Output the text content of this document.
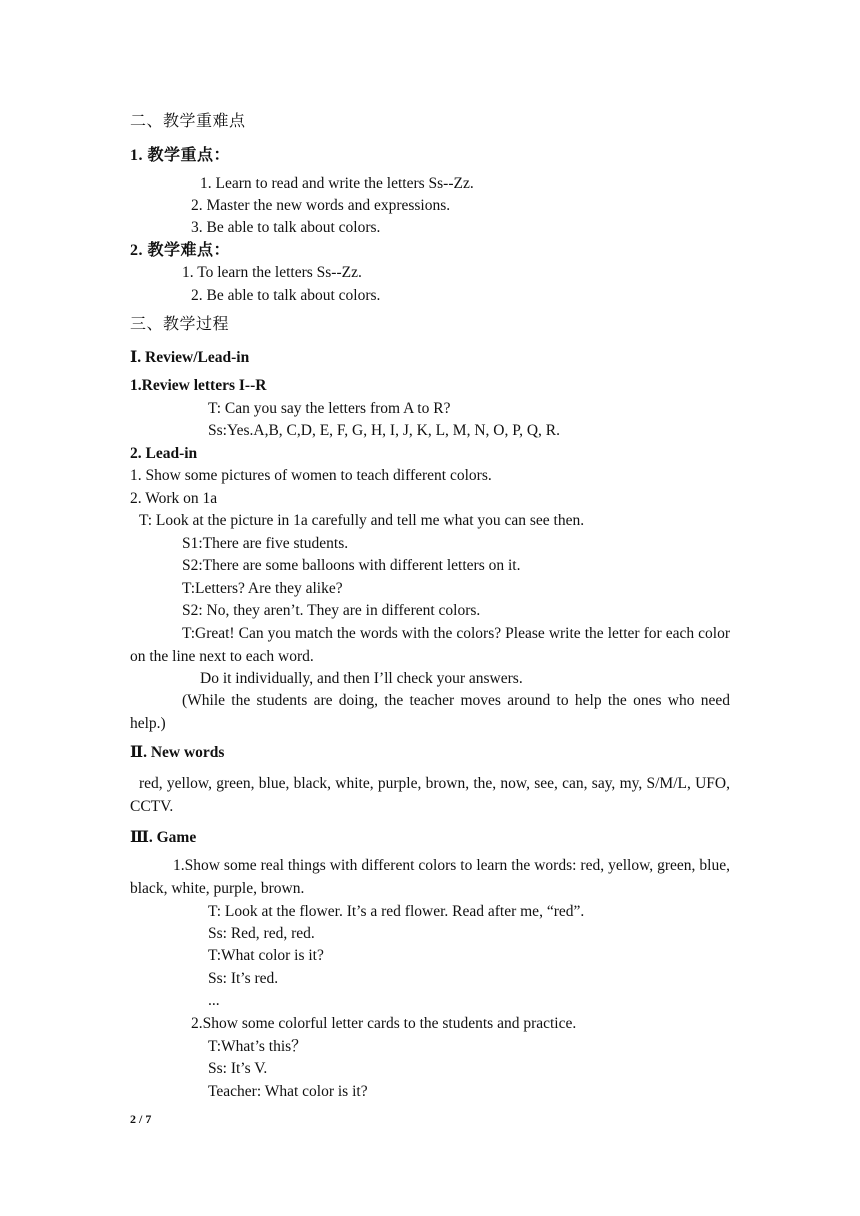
二、教学重难点
1. 教学重点：
1. Learn to read and write the letters Ss--Zz.
2. Master the new words and expressions.
3. Be able to talk about colors.
2. 教学难点：
1. To learn the letters Ss--Zz.
2. Be able to talk about colors.
三、教学过程
Ⅰ. Review/Lead-in
1.Review letters I--R
T: Can you say the letters from A to R?
Ss:Yes.A,B, C,D, E, F, G, H, I, J, K, L, M, N, O, P, Q, R.
2. Lead-in
1. Show some pictures of women to teach different colors.
2. Work on 1a
T: Look at the picture in 1a carefully and tell me what you can see then.
S1:There are five students.
S2:There are some balloons with different letters on it.
T:Letters? Are they alike?
S2: No, they aren’t. They are in different colors.
T:Great! Can you match the words with the colors? Please write the letter for each color on the line next to each word.
Do it individually, and then I’ll check your answers.
(While the students are doing, the teacher moves around to help the ones who need help.)
Ⅱ. New words
red, yellow, green, blue, black, white, purple, brown, the, now, see, can, say, my, S/M/L, UFO, CCTV.
Ⅲ. Game
1.Show some real things with different colors to learn the words: red, yellow, green, blue, black, white, purple, brown.
T: Look at the flower. It’s a red flower. Read after me, “red”.
Ss: Red, red, red.
T:What color is it?
Ss: It’s red.
...
2.Show some colorful letter cards to the students and practice.
T:What’s this？
Ss: It’s V.
Teacher: What color is it?
2 / 7
